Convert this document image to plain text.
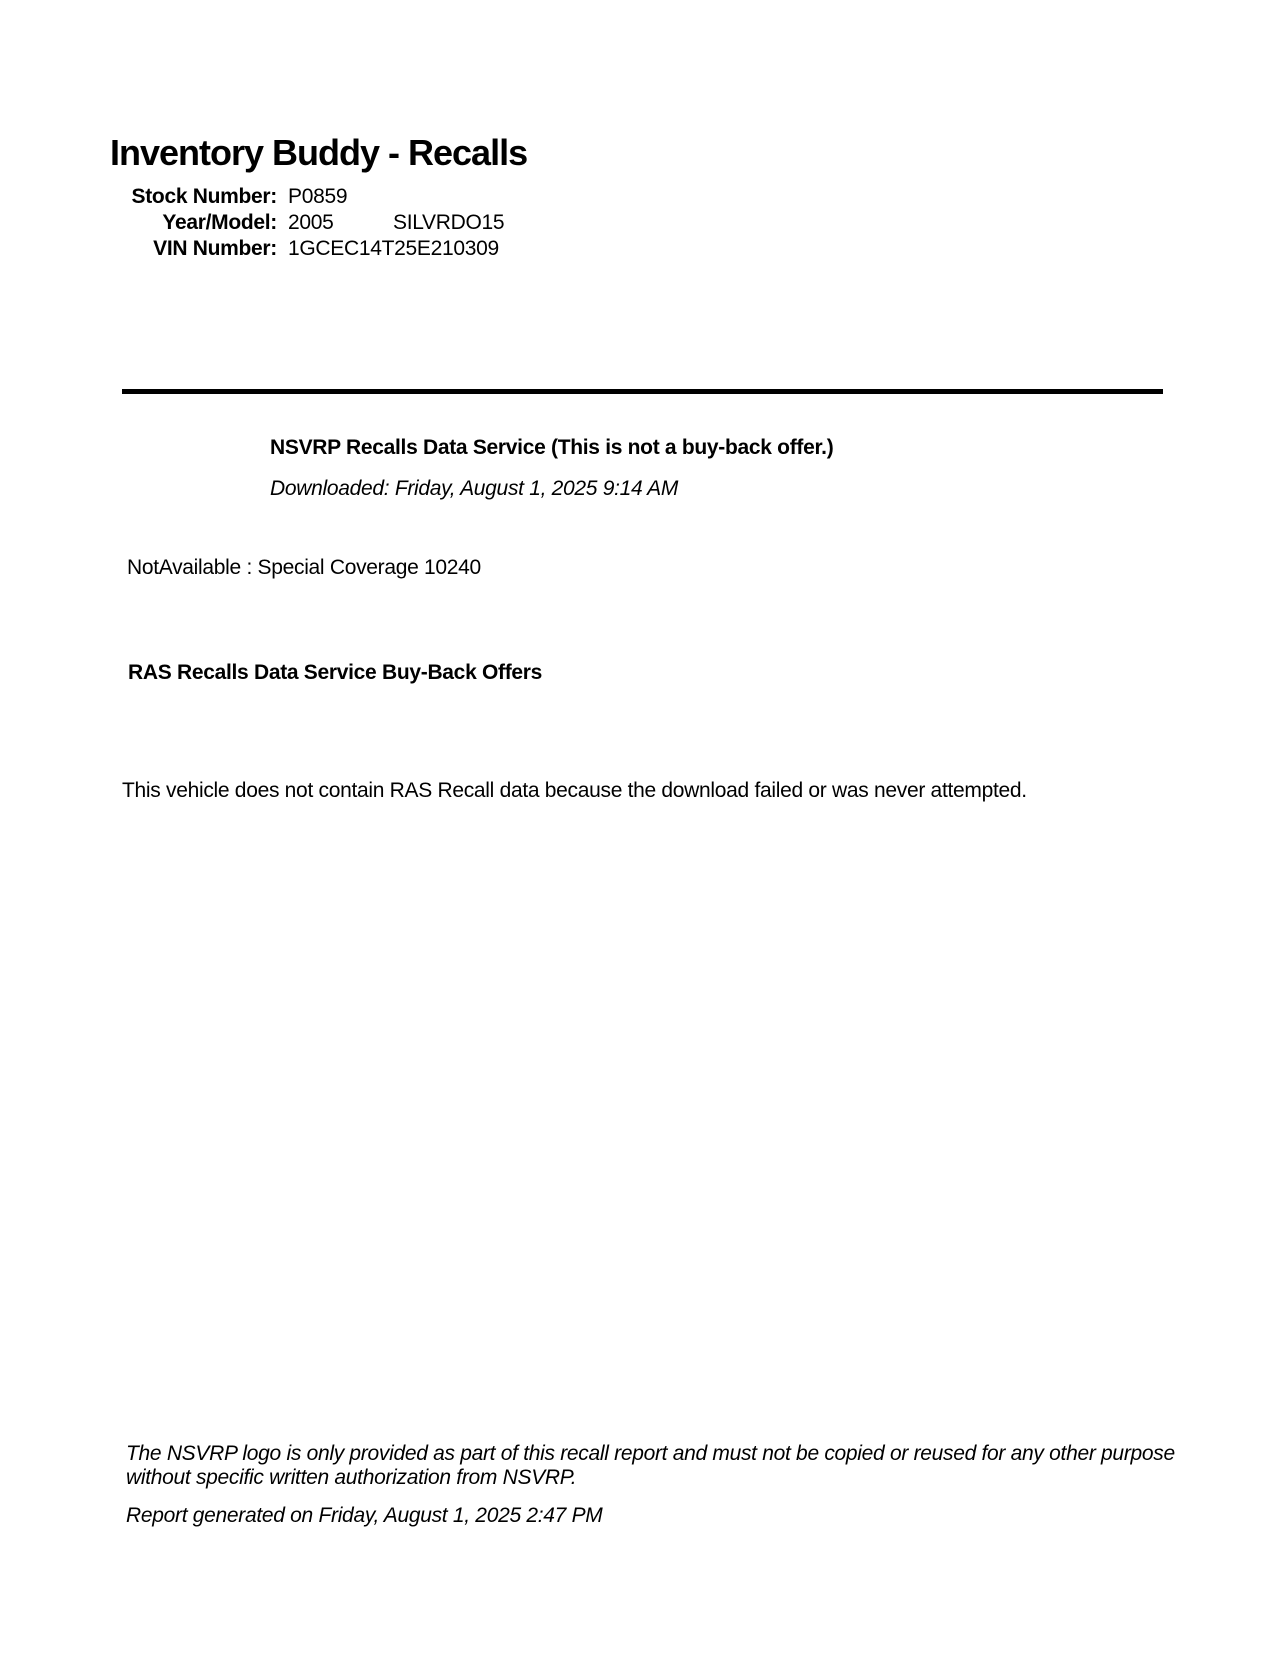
Inventory Buddy - Recalls
Stock Number: P0859
Year/Model: 2005	SILVRDO15
VIN Number: 1GCEC14T25E210309
NSVRP Recalls Data Service (This is not a buy-back offer.)
Downloaded: Friday, August 1, 2025 9:14 AM
NotAvailable : Special Coverage 10240
RAS Recalls Data Service Buy-Back Offers
This vehicle does not contain RAS Recall data because the download failed or was never attempted.
The NSVRP logo is only provided as part of this recall report and must not be copied or reused for any other purpose without specific written authorization from NSVRP.
Report generated on Friday, August 1, 2025 2:47 PM
